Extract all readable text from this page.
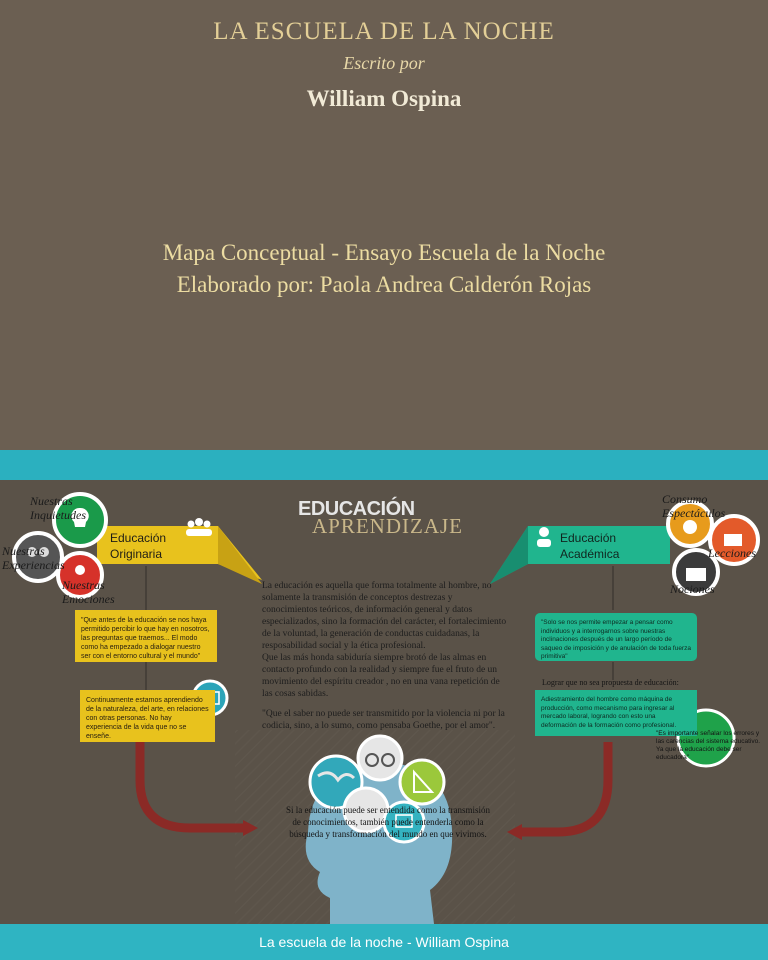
LA ESCUELA DE LA NOCHE
Escrito por
William Ospina
Mapa Conceptual - Ensayo Escuela de la Noche
Elaborado por: Paola Andrea Calderón Rojas
EDUCACIÓN
APRENDIZAJE
Educación Originaria
Educación Académica
Nuestras Inquietudes
Nuestras Experiencias
Nuestras Emociones
Consumo Espectáculos
Lecciones
Nociones
"Que antes de la educación se nos haya permitido percibir lo que hay en nosotros, las preguntas que traemos... El modo como ha empezado a dialogar nuestro ser con el entorno cultural y el mundo"
Continuamente estamos aprendiendo de la naturaleza, del arte, en relaciones con otras personas. No hay experiencia de la vida que no se enseñe.
"Solo se nos permite empezar a pensar como individuos y a interrogarnos sobre nuestras inclinaciones después de un largo período de saqueo de imposición y de anulación de toda fuerza primitiva"
Lograr que no sea propuesta de educación:
Adiestramiento del hombre como máquina de producción, como mecanismo para ingresar al mercado laboral, logrando con esto una deformación de la formación como profesional.
"Es importante señalar los errores y las carencias del sistema educativo. Ya que la educación debe ser educadora"
La educación es aquella que forma totalmente al hombre, no solamente la transmisión de conceptos destrezas y conocimientos teóricos, de información general y datos especializados, sino la formación del carácter, el fortalecimiento de la voluntad, la generación de conductas cuidadanas, la resposabilidad social y la ética profesional.
Que las más honda sabiduría siempre brotó de las almas en contacto profundo con la realidad y siempre fue el fruto de un movimiento del espíritu creador , no en una vana repetición de las cosas sabidas.
"Que el saber no puede ser transmitido por la violencia ni por la codicia, sino, a lo sumo, como pensaba Goethe, por el amor".
Si la educación puede ser entendida como la transmisión de conocimientos, también puede entenderla como la búsqueda y transformación del mundo en que vivimos.
La escuela de la noche - William Ospina
